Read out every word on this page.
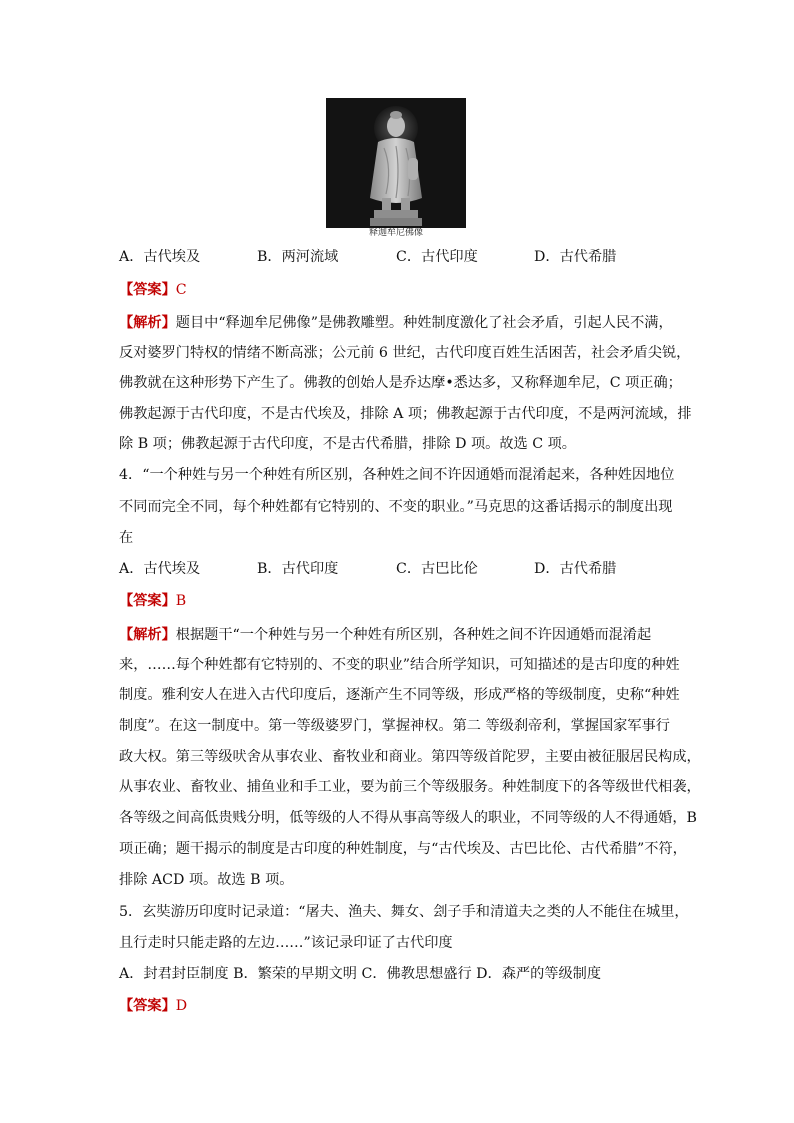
释迦牟尼佛像
A．古代埃及	B．两河流域	C．古代印度	D．古代希腊
【答案】C
【解析】题目中“释迦牟尼佛像”是佛教雕塑。种姓制度激化了社会矛盾，引起人民不满，
反对婆罗门特权的情绪不断高涨；公元前 6 世纪，古代印度百姓生活困苦，社会矛盾尖锐，
佛教就在这种形势下产生了。佛教的创始人是乔达摩•悉达多，又称释迦牟尼，C 项正确；
佛教起源于古代印度，不是古代埃及，排除 A 项；佛教起源于古代印度，不是两河流域，排
除 B 项；佛教起源于古代印度，不是古代希腊，排除 D 项。故选 C 项。
4．“一个种姓与另一个种姓有所区别，各种姓之间不许因通婚而混淆起来，各种姓因地位
不同而完全不同，每个种姓都有它特别的、不变的职业。”马克思的这番话揭示的制度出现
在
A．古代埃及	B．古代印度	C．古巴比伦	D．古代希腊
【答案】B
【解析】根据题干“一个种姓与另一个种姓有所区别，各种姓之间不许因通婚而混淆起
来，……每个种姓都有它特别的、不变的职业”结合所学知识，可知描述的是古印度的种姓
制度。雅利安人在进入古代印度后，逐渐产生不同等级，形成严格的等级制度，史称“种姓
制度”。在这一制度中。第一等级婆罗门，掌握神权。第二 等级刹帝利，掌握国家军事行
政大权。第三等级吠舍从事农业、畜牧业和商业。第四等级首陀罗，主要由被征服居民构成，
从事农业、畜牧业、捕鱼业和手工业，要为前三个等级服务。种姓制度下的各等级世代相袭，
各等级之间高低贵贱分明，低等级的人不得从事高等级人的职业，不同等级的人不得通婚，B
项正确；题干揭示的制度是古印度的种姓制度，与“古代埃及、古巴比伦、古代希腊”不符，
排除 ACD 项。故选 B 项。
5．玄奘游历印度时记录道：“屠夫、渔夫、舞女、刽子手和清道夫之类的人不能住在城里，
且行走时只能走路的左边……”该记录印证了古代印度
A．封君封臣制度 B．繁荣的早期文明 C．佛教思想盛行 D．森严的等级制度
【答案】D
